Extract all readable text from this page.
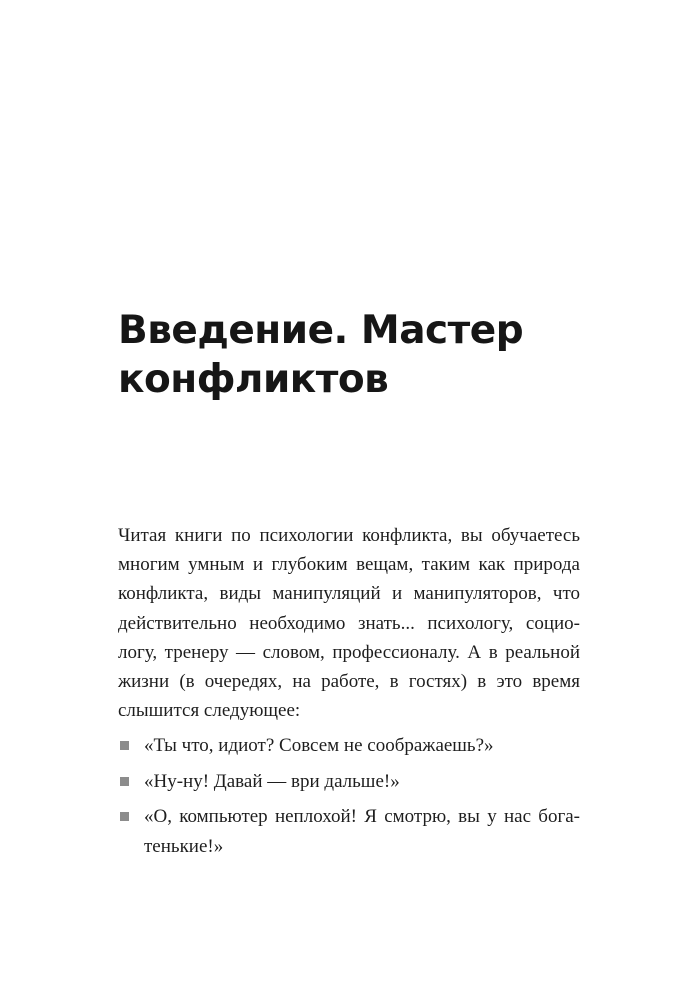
Введение. Мастер
конфликтов
Читая книги по психологии конфликта, вы обучаетесь
многим умным и глубоким вещам, таким как природа
конфликта, виды манипуляций и манипуляторов, что
действительно необходимо знать... психологу, социо-
логу, тренеру — словом, профессионалу. А в реальной
жизни (в очередях, на работе, в гостях) в это время
слышится следующее:
«Ты что, идиот? Совсем не соображаешь?»
«Ну-ну! Давай — ври дальше!»
«О, компьютер неплохой! Я смотрю, вы у нас бога-
тенькие!»
